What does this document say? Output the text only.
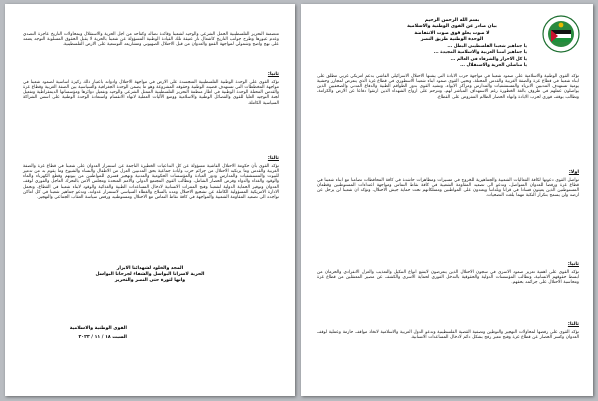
متضمنة التحرير الفلسطينية الحمل الشرعي والوحيد لشعبنا وقائدة نضاله وكفاحه من اجل الحرية والاستقلال وبمحاولات التاريخ عاجزة التصدي وعدم عبورها وطرح جوانب التاريخ كاشعال نار عتيقة تلك القيادة الوطنية المسؤولة عن شعبنا بالحرية لا يقبل الحقوق المسلوبة التوجه يعتمد على نهج واضح وشمولي لمواجهة القمع والعدوان من قبل الاحتلال الصهيوني ومشاريعه التوسعية على الارض الفلسطينية.
ثانيا:
تؤكد القوى على الوحدة الوطنية الفلسطينية المتجسدة على الارض في مواجهة الاحتلال وادواته باعتبار ذلك ركيزة اساسية لصمود شعبنا في مواجهة المخططات التي تستهدف قضيته الوطنية وحقوقه المشروعة وهو ما يضمن الوحدة الجغرافية والسياسية بين الضفة الغربية وقطاع غزة والقدس المحتلة الوحدة الوطنية في اطار منظمة التحرير الفلسطينية الممثل الشرعي والوحيد وتفعيل دوائرها ومؤسساتها الديمقراطية وتفعيل لجنة التوجيه العليا للقوى والفصائل الوطنية والاسلامية ووضع الآليات العملية لانهاء الانقسام واستعادة الوحدة الوطنية على اسس الشراكة السياسية الكاملة.
ثالثا:
تؤكد القوى بأن حكومة الاحتلال الفاشية مسؤولة عن كل التداعيات الخطيرة الناجمة عن استمرار العدوان على شعبنا في قطاع غزة والضفة الغربية والقدس وما يرتكبه الاحتلال من جرائم حرب وابادة جماعية بحق المدنيين العزل من الاطفال والنساء والشيوخ وما يقوم به من تدمير للبيوت والمستشفيات والمدارس ودور العبادة والمؤسسات الحكومية والمدنية وتهجير قسري للمواطنين من بيوتهم وقطع الكهرباء والماء والوقود والغذاء والدواء وفرض الحصار الشامل، وتطالب القوى المجتمع الدولي والامم المتحدة ومجلس الامن بالتحرك العاجل والفوري لوقف العدوان وتوفير الحماية الدولية لشعبنا وفتح الممرات الانسانية لادخال المساعدات الطبية والغذائية والوقود لابناء شعبنا في القطاع، وتحمل الادارة الامريكية المسؤولية الكاملة عن تشجيع الاحتلال ومده بالسلاح والغطاء السياسي لاستمرار عدوانه، وتدعو جماهير شعبنا في كل اماكن تواجده الى تصعيد المقاومة الشعبية والمواجهة في كافة نقاط التماس مع الاحتلال ومستوطنيه ورفض سياسة العقاب الجماعي والتهجير.
المجد والخلود لشهدائنا الابرار
الحرية لاسرانا البواسل والشفاء لجرحانا البواسل
وانها لثورة حتى النصر والتحرير
القوى الوطنية والاسلامية
السبت ١٨ / ١١ / ٢٠٢٣
بسم الله الرحمن الرحيم
بيان صادر عن القوى الوطنية والاسلامية
لا صوت يعلو فوق صوت الانتفاضة
الوحدة الوطنية طريق النصر
يا جماهير شعبنا الفلسطيني البطل ...
يا جماهير امتنا العربية والاسلامية المجيدة ...
يا كل الاحرار والشرفاء في العالم ...
يا مناضلي الحرية والاستقلال ...
تؤكد القوى الوطنية والاسلامية على صمود شعبنا في مواجهة حرب الابادة التي يشنها الاحتلال الاسرائيلي الفاشي بدعم امريكي غربي مطلق على ابناء شعبنا في قطاع غزة والضفة الغربية والقدس المحتلة، وتحيي القوى صمود ابناء شعبنا الاسطوري في قطاع غزة الذي يتعرض لمجازر وحشية يومية تستهدف المدنيين الابرياء والمستشفيات والمدارس ومراكز الايواء، وتشيد القوى بدور الطواقم الطبية والدفاع المدني والصحفيين الذين يواصلون عملهم في ظروف بالغة الخطورة رغم الاستهداف المباشر لهم، وتترحم على ارواح الشهداء الذين ارتقوا دفاعا عن الارض والكرامة، وتطالب بوقف فوري لحرب الابادة وانهاء الحصار الظالم المفروض على القطاع.
اولا:
تواصل القوى دعوتها لكافة الفعاليات الشعبية والجماهيرية للخروج في مسيرات ومظاهرات حاشدة في كافة المحافظات تضامنا مع ابناء شعبنا في قطاع غزة ورفضا للعدوان المتواصل، وتدعو الى تصعيد المقاومة الشعبية في كافة نقاط التماس ومواجهة اعتداءات المستوطنين وقطعان المستوطنين الذين يعيثون فسادا في قرانا وبلداتنا ويعتدون على المواطنين وممتلكاتهم تحت حماية جيش الاحتلال، وتؤكد ان شعبنا لن يرحل عن ارضه ولن يسمح بتكرار النكبة مهما بلغت التضحيات.
ثانيا:
تؤكد القوى على اهمية تعزيز صمود الاسرى في سجون الاحتلال الذين يتعرضون لابشع انواع التنكيل والتعذيب والعزل الانفرادي والحرمان من ابسط حقوقهم الانسانية، وتطالب المؤسسات الدولية والحقوقية بالتدخل الفوري لحماية الاسرى والكشف عن مصير المعتقلين من قطاع غزة ومحاسبة الاحتلال على جرائمه بحقهم.
ثالثا:
تؤكد القوى على رفضها لمحاولات التهجير والتوطين وتصفية القضية الفلسطينية وتدعو الدول العربية والاسلامية لاتخاذ مواقف حازمة وعملية لوقف العدوان وكسر الحصار عن قطاع غزة وفتح معبر رفح بشكل دائم لادخال المساعدات الانسانية.
